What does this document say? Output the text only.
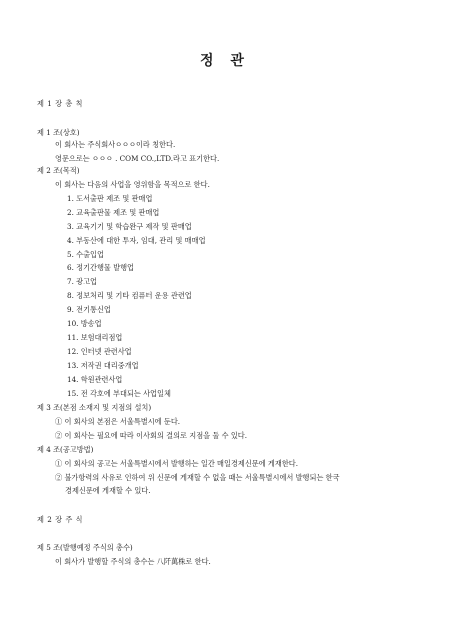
정 관
제 1 장 총 칙
제 1 조(상호)
이 회사는 주식회사ㅇㅇㅇ이라 칭한다.
영문으로는 ㅇㅇㅇ . COM CO.,LTD.라고 표기한다.
제 2 조(목적)
이 회사는 다음의 사업을 영위함을 목적으로 한다.
1. 도서출판 제조 및 판매업
2. 교육출판물 제조 및 판매업
3. 교육기기 및 학습완구 제작 및 판매업
4. 부동산에 대한 투자, 임대, 관리 및 매매업
5. 수출입업
6. 정기간행물 발행업
7. 광고업
8. 정보처리 및 기타 컴퓨터 운용 관련업
9. 전기통신업
10. 방송업
11. 보험대리점업
12. 인터넷 관련사업
13. 저작권 대리중개업
14. 학원관련사업
15. 전 각호에 부대되는 사업일체
제 3 조(본점 소재지 및 지점의 설치)
① 이 회사의 본점은 서울특별시에 둔다.
② 이 회사는 필요에 따라 이사회의 결의로 지점을 둘 수 있다.
제 4 조(공고방법)
① 이 회사의 공고는 서울특별시에서 발행하는 일간 매일경제신문에 게재한다.
② 불가항력의 사유로 인하여 위 신문에 게재할 수 없을 때는 서울특별시에서 발행되는 한국
경제신문에 게재할 수 있다.
제 2 장 주 식
제 5 조(발행예정 주식의 총수)
이 회사가 발행할 주식의 총수는 八阡萬株로 한다.
